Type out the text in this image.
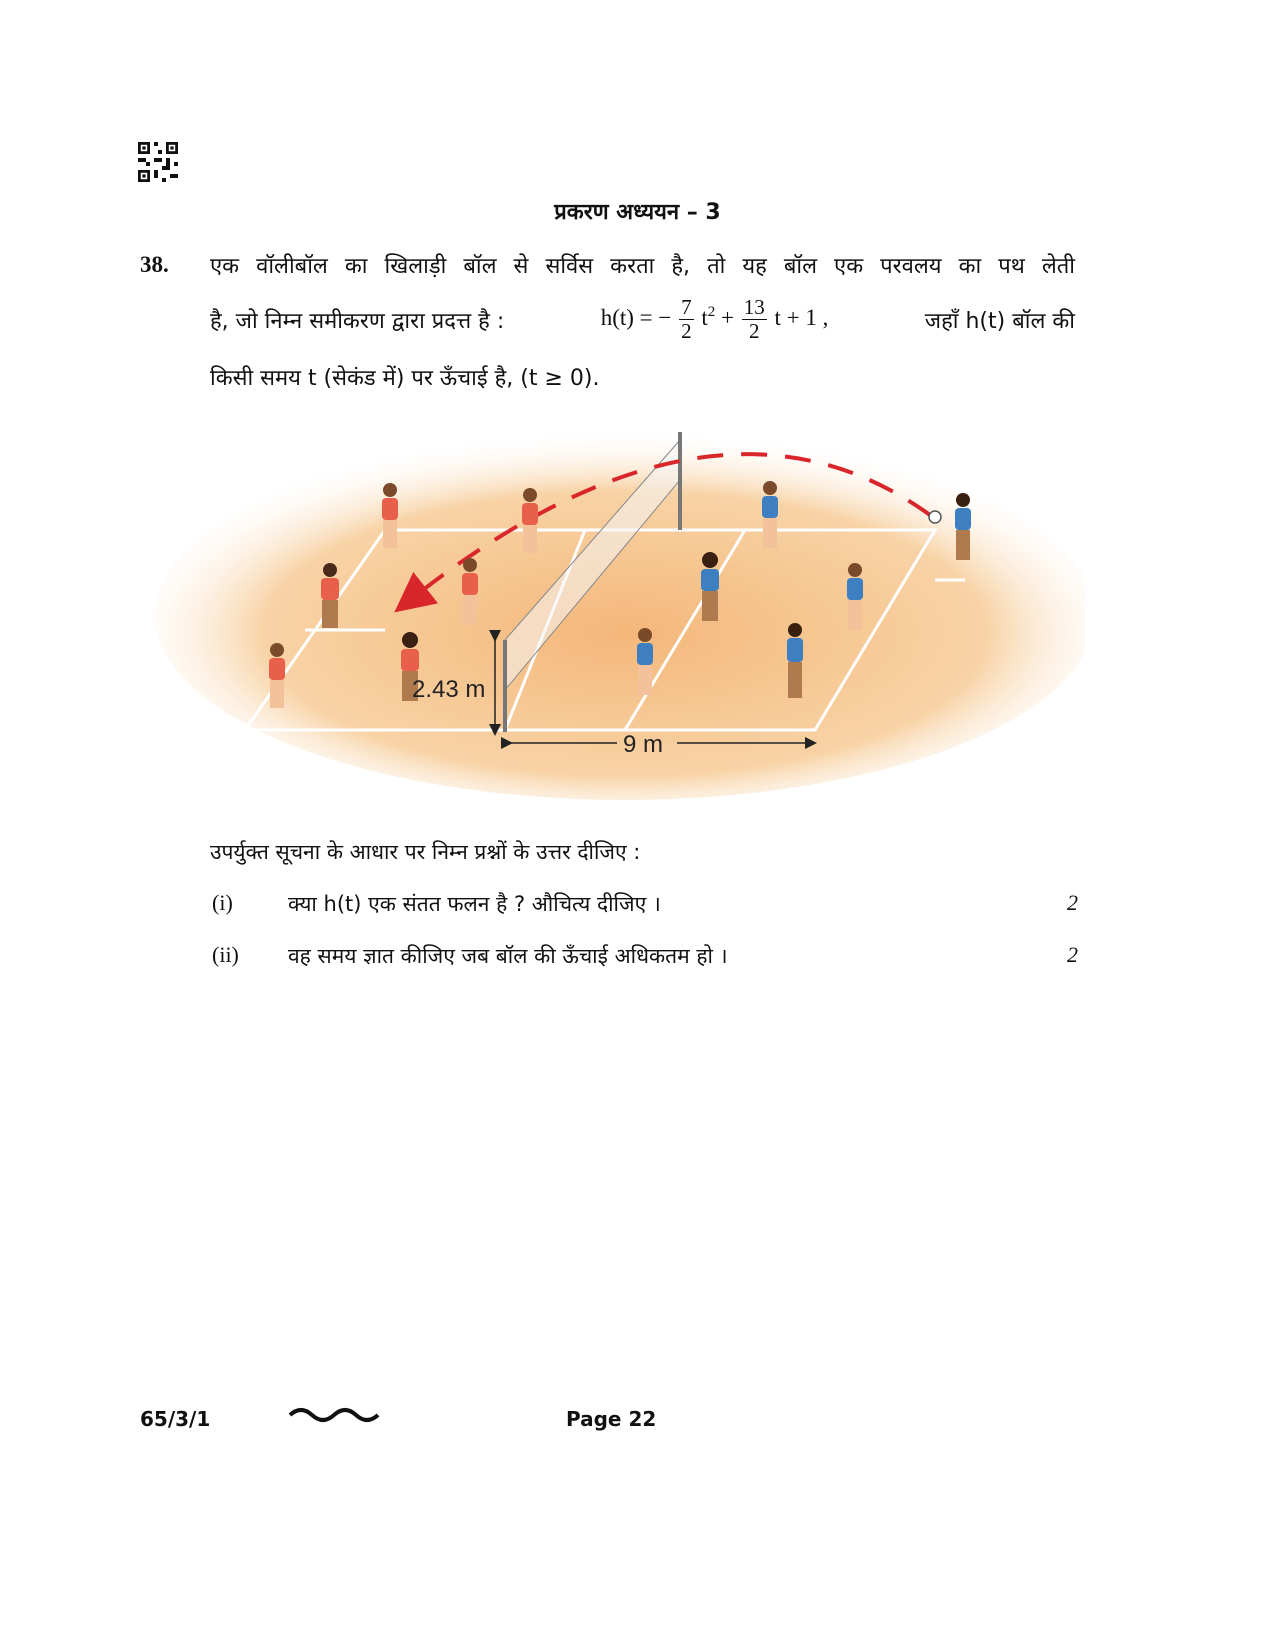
प्रकरण अध्ययन – 3
38. एक वॉलीबॉल का खिलाड़ी बॉल से सर्विस करता है, तो यह बॉल एक परवलय का पथ लेती
है, जो निम्न समीकरण द्वारा प्रदत्त है :	h(t) = − $\frac{7}{2} t^2 + \frac{13}{2}$ t + 1 ,	जहाँ h(t) बॉल की
किसी समय t (सेकंड में) पर ऊँचाई है, (t ≥ 0).
2.43 m
9 m
उपर्युक्त सूचना के आधार पर निम्न प्रश्नों के उत्तर दीजिए :
(i)	क्या h(t) एक संतत फलन है ? औचित्य दीजिए ।	2
(ii) वह समय ज्ञात कीजिए जब बॉल की ऊँचाई अधिकतम हो ।	2
65/3/1	Page 22
